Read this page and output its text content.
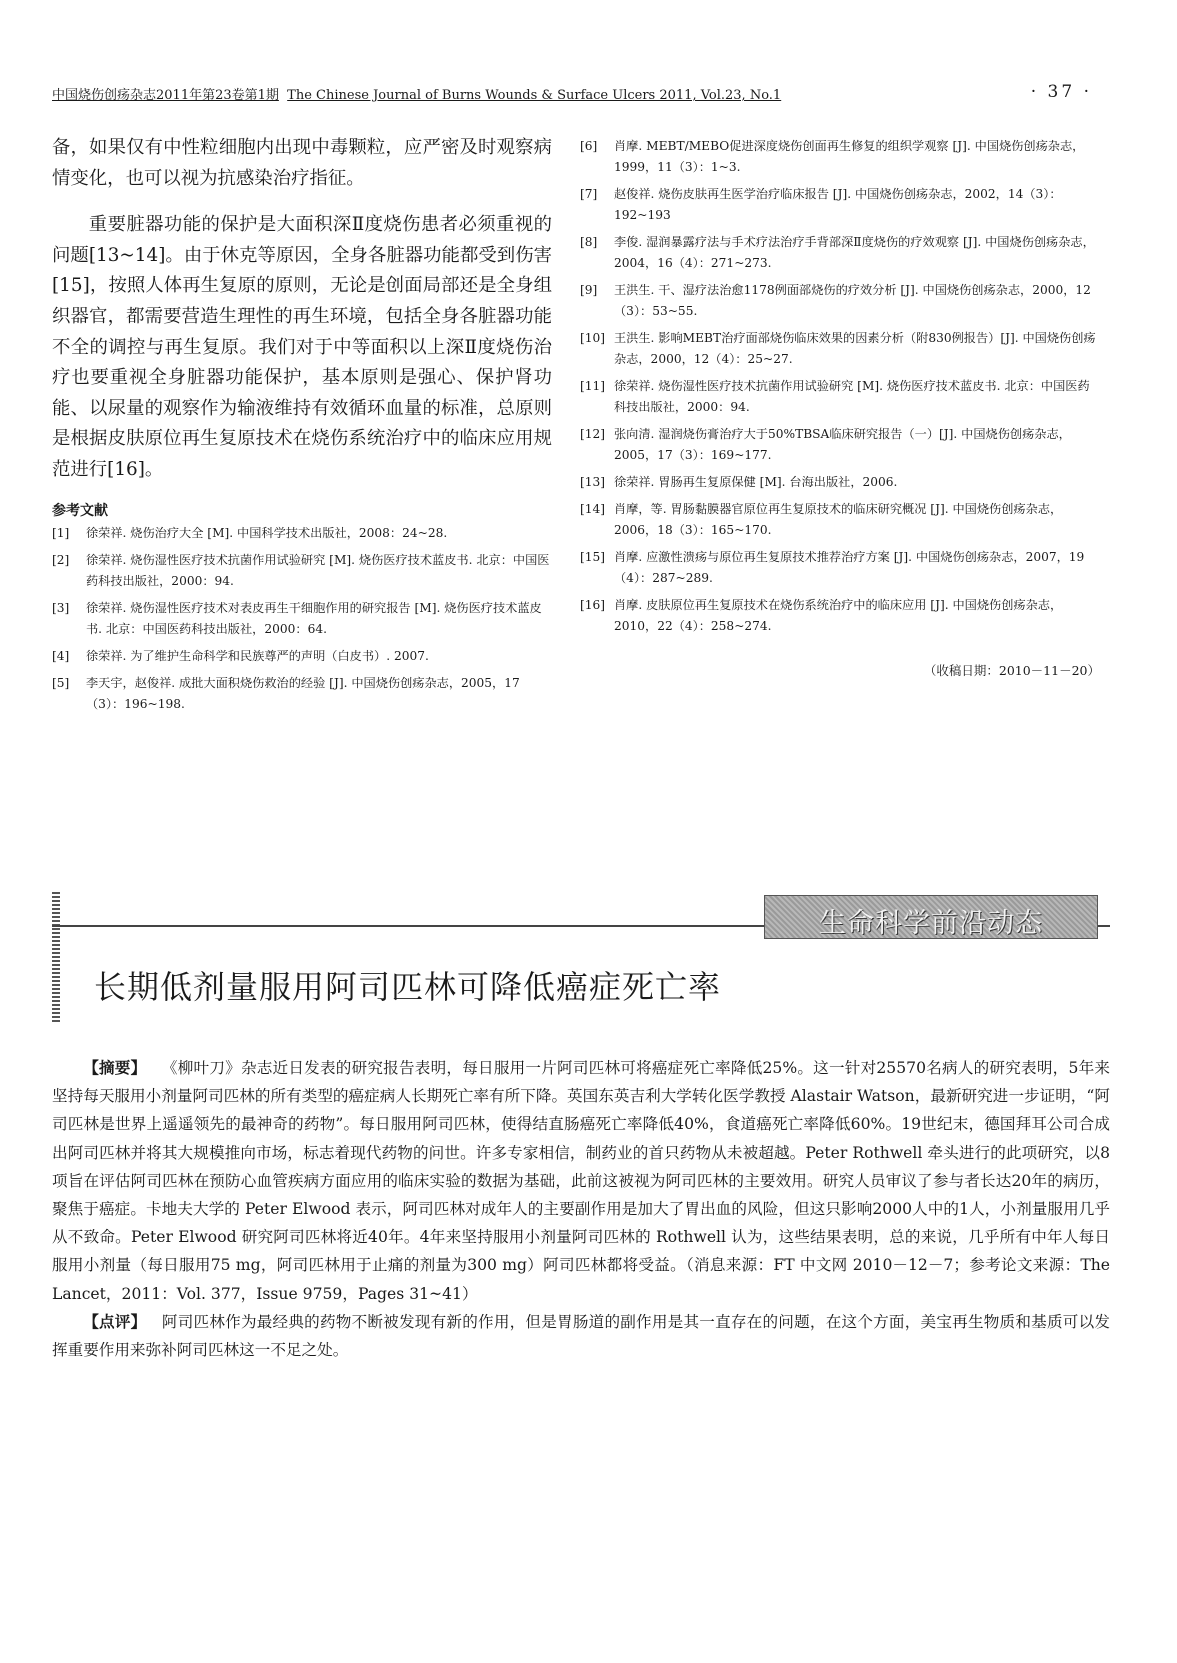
中国烧伤创疡杂志2011年第23卷第1期 The Chinese Journal of Burns Wounds & Surface Ulcers 2011, Vol.23, No.1	· 37 ·

备，如果仅有中性粒细胞内出现中毒颗粒，应严密及时观察病情变化，也可以视为抗感染治疗指征。

重要脏器功能的保护是大面积深Ⅱ度烧伤患者必须重视的问题[13~14]。由于休克等原因，全身各脏器功能都受到伤害[15]，按照人体再生复原的原则，无论是创面局部还是全身组织器官，都需要营造生理性的再生环境，包括全身各脏器功能不全的调控与再生复原。我们对于中等面积以上深Ⅱ度烧伤治疗也要重视全身脏器功能保护，基本原则是强心、保护肾功能、以尿量的观察作为输液维持有效循环血量的标准，总原则是根据皮肤原位再生复原技术在烧伤系统治疗中的临床应用规范进行[16]。

参考文献
[1] 徐荣祥. 烧伤治疗大全 [M]. 中国科学技术出版社，2008：24~28.
[2] 徐荣祥. 烧伤湿性医疗技术抗菌作用试验研究 [M]. 烧伤医疗技术蓝皮书. 北京：中国医药科技出版社，2000：94.
[3] 徐荣祥. 烧伤湿性医疗技术对表皮再生干细胞作用的研究报告 [M]. 烧伤医疗技术蓝皮书. 北京：中国医药科技出版社，2000：64.
[4] 徐荣祥. 为了维护生命科学和民族尊严的声明（白皮书）. 2007.
[5] 李天宇，赵俊祥. 成批大面积烧伤救治的经验 [J]. 中国烧伤创疡杂志，2005，17（3）：196~198.
[6] 肖摩. MEBT/MEBO促进深度烧伤创面再生修复的组织学观察 [J]. 中国烧伤创疡杂志，1999，11（3）：1~3.
[7] 赵俊祥. 烧伤皮肤再生医学治疗临床报告 [J]. 中国烧伤创疡杂志，2002，14（3）：192~193
[8] 李俊. 湿润暴露疗法与手术疗法治疗手背部深Ⅱ度烧伤的疗效观察 [J]. 中国烧伤创疡杂志，2004，16（4）：271~273.
[9] 王洪生. 干、湿疗法治愈1178例面部烧伤的疗效分析 [J]. 中国烧伤创疡杂志，2000，12（3）：53~55.
[10] 王洪生. 影响MEBT治疗面部烧伤临床效果的因素分析（附830例报告）[J]. 中国烧伤创疡杂志，2000，12（4）：25~27.
[11] 徐荣祥. 烧伤湿性医疗技术抗菌作用试验研究 [M]. 烧伤医疗技术蓝皮书. 北京：中国医药科技出版社，2000：94.
[12] 张向清. 湿润烧伤膏治疗大于50%TBSA临床研究报告（一）[J]. 中国烧伤创疡杂志，2005，17（3）：169~177.
[13] 徐荣祥. 胃肠再生复原保健 [M]. 台海出版社，2006.
[14] 肖摩，等. 胃肠黏膜器官原位再生复原技术的临床研究概况 [J]. 中国烧伤创疡杂志，2006，18（3）：165~170.
[15] 肖摩. 应激性溃疡与原位再生复原技术推荐治疗方案 [J]. 中国烧伤创疡杂志，2007，19（4）：287~289.
[16] 肖摩. 皮肤原位再生复原技术在烧伤系统治疗中的临床应用 [J]. 中国烧伤创疡杂志，2010，22（4）：258~274.
（收稿日期：2010－11－20）
生命科学前沿动态
长期低剂量服用阿司匹林可降低癌症死亡率

【摘要】 《柳叶刀》杂志近日发表的研究报告表明，每日服用一片阿司匹林可将癌症死亡率降低25%。这一针对25570名病人的研究表明，5年来坚持每天服用小剂量阿司匹林的所有类型的癌症病人长期死亡率有所下降。英国东英吉利大学转化医学教授 Alastair Watson，最新研究进一步证明，“阿司匹林是世界上遥遥领先的最神奇的药物”。每日服用阿司匹林，使得结直肠癌死亡率降低40%，食道癌死亡率降低60%。19世纪末，德国拜耳公司合成出阿司匹林并将其大规模推向市场，标志着现代药物的问世。许多专家相信，制药业的首只药物从未被超越。Peter Rothwell 牵头进行的此项研究，以8项旨在评估阿司匹林在预防心血管疾病方面应用的临床实验的数据为基础，此前这被视为阿司匹林的主要效用。研究人员审议了参与者长达20年的病历，聚焦于癌症。卡地夫大学的 Peter Elwood 表示，阿司匹林对成年人的主要副作用是加大了胃出血的风险，但这只影响2000人中的1人，小剂量服用几乎从不致命。Peter Elwood 研究阿司匹林将近40年。4年来坚持服用小剂量阿司匹林的 Rothwell 认为，这些结果表明，总的来说，几乎所有中年人每日服用小剂量（每日服用75 mg，阿司匹林用于止痛的剂量为300 mg）阿司匹林都将受益。（消息来源：FT 中文网 2010－12－7；参考论文来源：The Lancet，2011：Vol. 377，Issue 9759，Pages 31~41）

【点评】 阿司匹林作为最经典的药物不断被发现有新的作用，但是胃肠道的副作用是其一直存在的问题，在这个方面，美宝再生物质和基质可以发挥重要作用来弥补阿司匹林这一不足之处。
